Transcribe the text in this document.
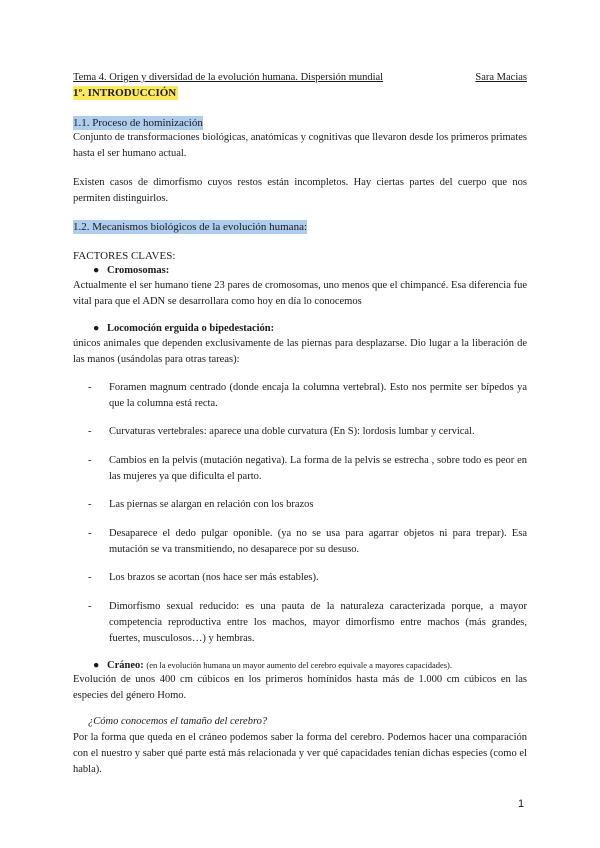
Tema 4. Origen y diversidad de la evolución humana. Dispersión mundial	Sara Macias
1º. INTRODUCCIÓN
1.1. Proceso de hominización

Conjunto de transformaciones biológicas, anatómicas y cognitivas que llevaron desde los primeros primates hasta el ser humano actual.

Existen casos de dimorfismo cuyos restos están incompletos. Hay ciertas partes del cuerpo que nos permiten distinguirlos.

1.2. Mecanismos biológicos de la evolución humana:
FACTORES CLAVES:
● Cromosomas:

Actualmente el ser humano tiene 23 pares de cromosomas, uno menos que el chimpancé. Esa diferencia fue vital para que el ADN se desarrollara como hoy en día lo conocemos

● Locomoción erguida o bipedestación:

únicos animales que dependen exclusivamente de las piernas para desplazarse. Dio lugar a la liberación de las manos (usándolas para otras tareas):

- Foramen magnum centrado (donde encaja la columna vertebral). Esto nos permite ser bípedos ya que la columna está recta.
- Curvaturas vertebrales: aparece una doble curvatura (En S): lordosis lumbar y cervical.
- Cambios en la pelvis (mutación negativa). La forma de la pelvis se estrecha , sobre todo es peor en las mujeres ya que dificulta el parto.
- Las piernas se alargan en relación con los brazos
- Desaparece el dedo pulgar oponible. (ya no se usa para agarrar objetos ni para trepar). Esa mutación se va transmitiendo, no desaparece por su desuso.
- Los brazos se acortan (nos hace ser más estables).
- Dimorfismo sexual reducido: es una pauta de la naturaleza caracterizada porque, a mayor competencia reproductiva entre los machos, mayor dimorfismo entre machos (más grandes, fuertes, musculosos…) y hembras.
● Cráneo: (en la evolución humana un mayor aumento del cerebro equivale a mayores capacidades).

Evolución de unos 400 cm cúbicos en los primeros homínidos hasta más de 1.000 cm cúbicos en las especies del género Homo.

¿Cómo conocemos el tamaño del cerebro?

Por la forma que queda en el cráneo podemos saber la forma del cerebro. Podemos hacer una comparación con el nuestro y saber qué parte está más relacionada y ver qué capacidades tenían dichas especies (como el habla).

1
